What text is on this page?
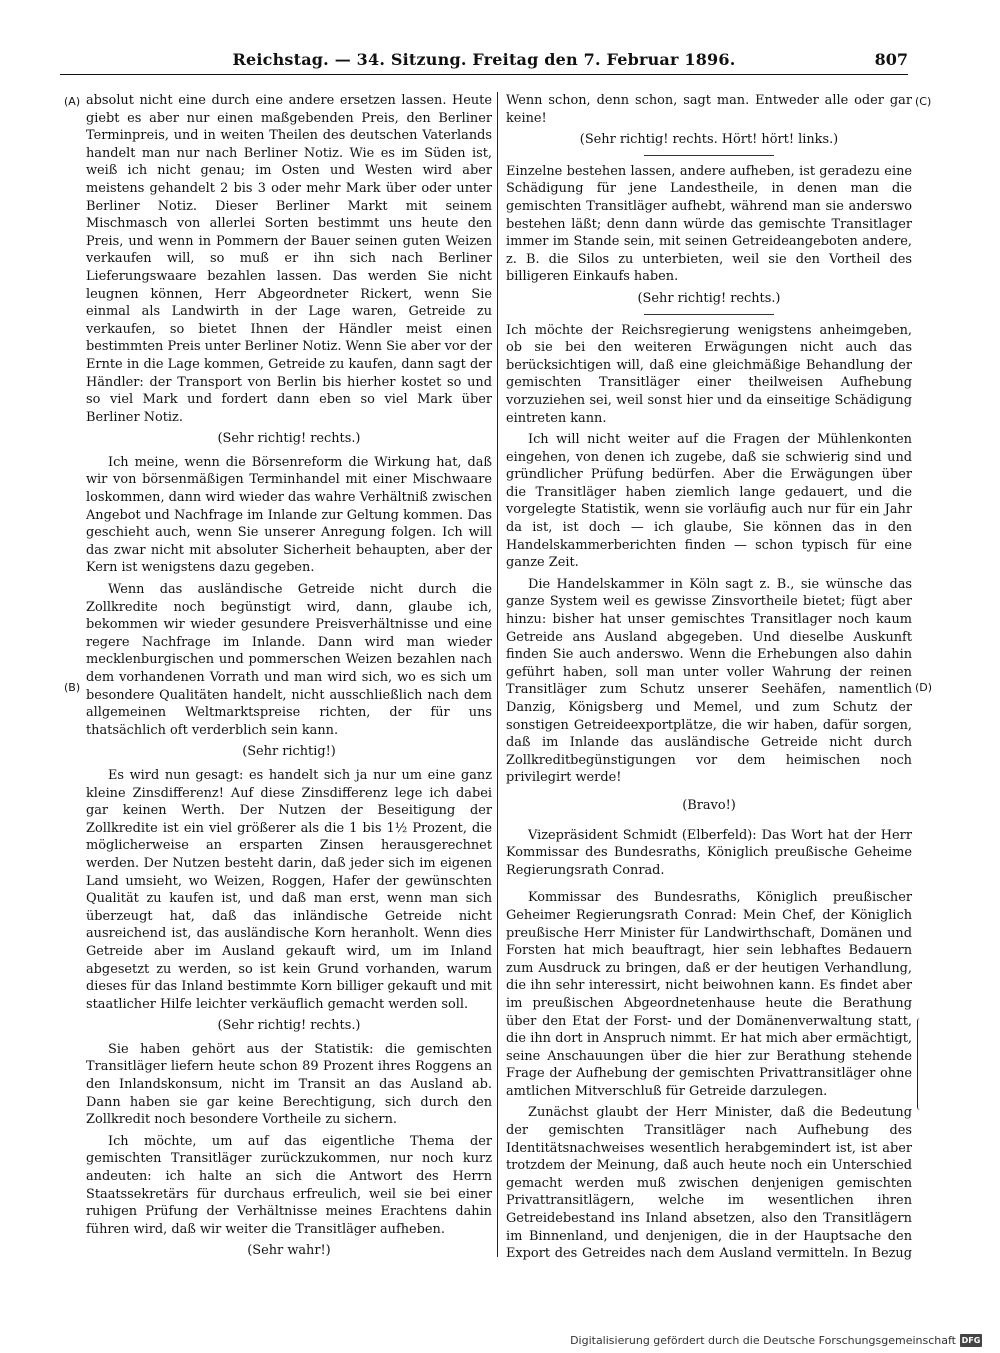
Reichstag. — 34. Sitzung. Freitag den 7. Februar 1896.	807
(A)
(B)
(C)
(D)

absolut nicht eine durch eine andere ersetzen lassen. Heute giebt es aber nur einen maßgebenden Preis, den Berliner Terminpreis, und in weiten Theilen des deutschen Vaterlands handelt man nur nach Berliner Notiz. Wie es im Süden ist, weiß ich nicht genau; im Osten und Westen wird aber meistens gehandelt 2 bis 3 oder mehr Mark über oder unter Berliner Notiz. Dieser Berliner Markt mit seinem Mischmasch von allerlei Sorten bestimmt uns heute den Preis, und wenn in Pommern der Bauer seinen guten Weizen verkaufen will, so muß er ihn sich nach Berliner Lieferungswaare bezahlen lassen. Das werden Sie nicht leugnen können, Herr Abgeordneter Rickert, wenn Sie einmal als Landwirth in der Lage waren, Getreide zu verkaufen, so bietet Ihnen der Händler meist einen bestimmten Preis unter Berliner Notiz. Wenn Sie aber vor der Ernte in die Lage kommen, Getreide zu kaufen, dann sagt der Händler: der Transport von Berlin bis hierher kostet so und so viel Mark und fordert dann eben so viel Mark über Berliner Notiz.

(Sehr richtig! rechts.)

Ich meine, wenn die Börsenreform die Wirkung hat, daß wir von börsenmäßigen Terminhandel mit einer Mischwaare loskommen, dann wird wieder das wahre Verhältniß zwischen Angebot und Nachfrage im Inlande zur Geltung kommen. Das geschieht auch, wenn Sie unserer Anregung folgen. Ich will das zwar nicht mit absoluter Sicherheit behaupten, aber der Kern ist wenigstens dazu gegeben.

Wenn das ausländische Getreide nicht durch die Zollkredite noch begünstigt wird, dann, glaube ich, bekommen wir wieder gesundere Preisverhältnisse und eine regere Nachfrage im Inlande. Dann wird man wieder mecklenburgischen und pommerschen Weizen bezahlen nach dem vorhandenen Vorrath und man wird sich, wo es sich um besondere Qualitäten handelt, nicht ausschließlich nach dem allgemeinen Weltmarktspreise richten, der für uns thatsächlich oft verderblich sein kann.

(Sehr richtig!)

Es wird nun gesagt: es handelt sich ja nur um eine ganz kleine Zinsdifferenz! Auf diese Zinsdifferenz lege ich dabei gar keinen Werth. Der Nutzen der Beseitigung der Zollkredite ist ein viel größerer als die 1 bis 1½ Prozent, die möglicherweise an ersparten Zinsen herausgerechnet werden. Der Nutzen besteht darin, daß jeder sich im eigenen Land umsieht, wo Weizen, Roggen, Hafer der gewünschten Qualität zu kaufen ist, und daß man erst, wenn man sich überzeugt hat, daß das inländische Getreide nicht ausreichend ist, das ausländische Korn heranholt. Wenn dies Getreide aber im Ausland gekauft wird, um im Inland abgesetzt zu werden, so ist kein Grund vorhanden, warum dieses für das Inland bestimmte Korn billiger gekauft und mit staatlicher Hilfe leichter verkäuflich gemacht werden soll.

(Sehr richtig! rechts.)

Sie haben gehört aus der Statistik: die gemischten Transitläger liefern heute schon 89 Prozent ihres Roggens an den Inlandskonsum, nicht im Transit an das Ausland ab. Dann haben sie gar keine Berechtigung, sich durch den Zollkredit noch besondere Vortheile zu sichern.

Ich möchte, um auf das eigentliche Thema der gemischten Transitläger zurückzukommen, nur noch kurz andeuten: ich halte an sich die Antwort des Herrn Staatssekretärs für durchaus erfreulich, weil sie bei einer ruhigen Prüfung der Verhältnisse meines Erachtens dahin führen wird, daß wir weiter die Transitläger aufheben.

(Sehr wahr!)

Wenn schon, denn schon, sagt man. Entweder alle oder gar keine!

(Sehr richtig! rechts. Hört! hört! links.)

Einzelne bestehen lassen, andere aufheben, ist geradezu eine Schädigung für jene Landestheile, in denen man die gemischten Transitläger aufhebt, während man sie anderswo bestehen läßt; denn dann würde das gemischte Transitlager immer im Stande sein, mit seinen Getreideangeboten andere, z. B. die Silos zu unterbieten, weil sie den Vortheil des billigeren Einkaufs haben.

(Sehr richtig! rechts.)

Ich möchte der Reichsregierung wenigstens anheimgeben, ob sie bei den weiteren Erwägungen nicht auch das berücksichtigen will, daß eine gleichmäßige Behandlung der gemischten Transitläger einer theilweisen Aufhebung vorzuziehen sei, weil sonst hier und da einseitige Schädigung eintreten kann.

Ich will nicht weiter auf die Fragen der Mühlenkonten eingehen, von denen ich zugebe, daß sie schwierig sind und gründlicher Prüfung bedürfen. Aber die Erwägungen über die Transitläger haben ziemlich lange gedauert, und die vorgelegte Statistik, wenn sie vorläufig auch nur für ein Jahr da ist, ist doch — ich glaube, Sie können das in den Handelskammerberichten finden — schon typisch für eine ganze Zeit.

Die Handelskammer in Köln sagt z. B., sie wünsche das ganze System weil es gewisse Zinsvortheile bietet; fügt aber hinzu: bisher hat unser gemischtes Transitlager noch kaum Getreide ans Ausland abgegeben. Und dieselbe Auskunft finden Sie auch anderswo. Wenn die Erhebungen also dahin geführt haben, soll man unter voller Wahrung der reinen Transitläger zum Schutz unserer Seehäfen, namentlich Danzig, Königsberg und Memel, und zum Schutz der sonstigen Getreideexportplätze, die wir haben, dafür sorgen, daß im Inlande das ausländische Getreide nicht durch Zollkreditbegünstigungen vor dem heimischen noch privilegirt werde!

(Bravo!)

Vizepräsident Schmidt (Elberfeld): Das Wort hat der Herr Kommissar des Bundesraths, Königlich preußische Geheime Regierungsrath Conrad.

Kommissar des Bundesraths, Königlich preußischer Geheimer Regierungsrath Conrad: Mein Chef, der Königlich preußische Herr Minister für Landwirthschaft, Domänen und Forsten hat mich beauftragt, hier sein lebhaftes Bedauern zum Ausdruck zu bringen, daß er der heutigen Verhandlung, die ihn sehr interessirt, nicht beiwohnen kann. Es findet aber im preußischen Abgeordnetenhause heute die Berathung über den Etat der Forst- und der Domänenverwaltung statt, die ihn dort in Anspruch nimmt. Er hat mich aber ermächtigt, seine Anschauungen über die hier zur Berathung stehende Frage der Aufhebung der gemischten Privattransitläger ohne amtlichen Mitverschluß für Getreide darzulegen.

Zunächst glaubt der Herr Minister, daß die Bedeutung der gemischten Transitläger nach Aufhebung des Identitätsnachweises wesentlich herabgemindert ist, ist aber trotzdem der Meinung, daß auch heute noch ein Unterschied gemacht werden muß zwischen denjenigen gemischten Privattransitlägern, welche im wesentlichen ihren Getreidebestand ins Inland absetzen, also den Transitlägern im Binnenland, und denjenigen, die in der Hauptsache den Export des Getreides nach dem Ausland vermitteln. In Bezug

Digitalisierung gefördert durch die Deutsche Forschungsgemeinschaft DFG
